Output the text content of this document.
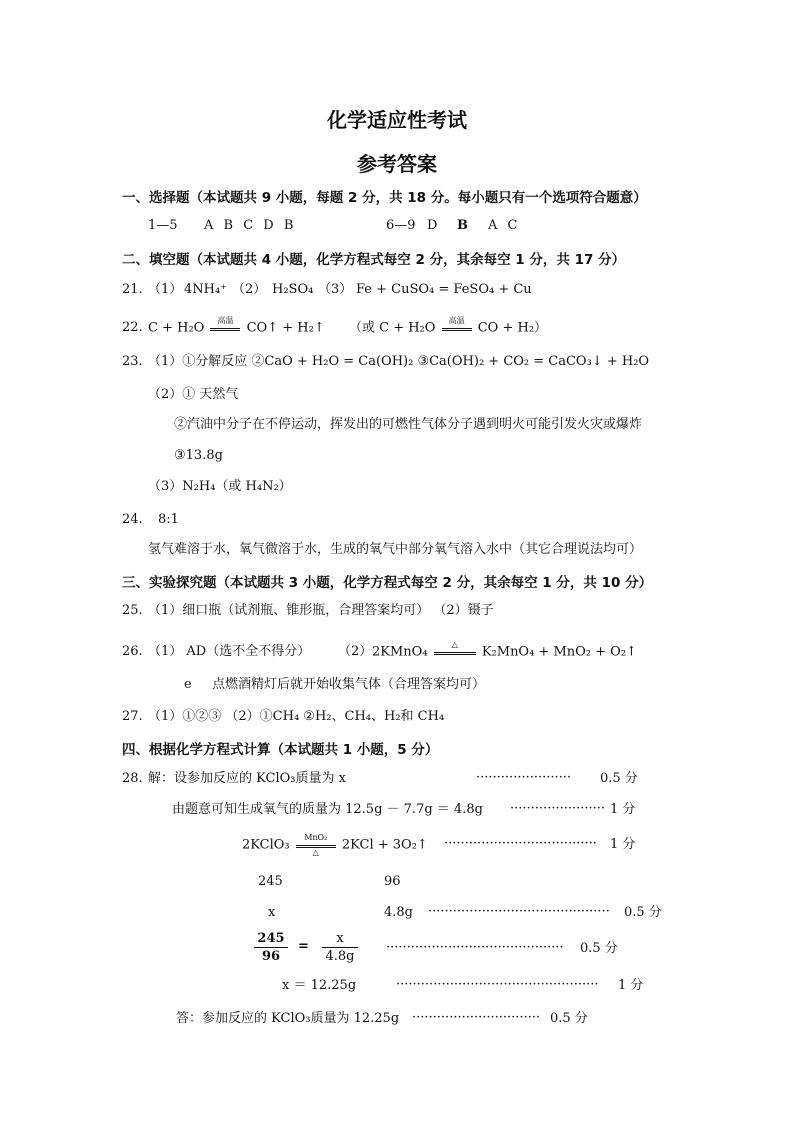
化学适应性考试
参考答案
一、选择题（本试题共 9 小题，每题 2 分，共 18 分。每小题只有一个选项符合题意）
1—5 A B C D B	6—9 D B A C
二、填空题（本试题共 4 小题，化学方程式每空 2 分，其余每空 1 分，共 17 分）
21. （1） 4NH₄⁺ （2） H₂SO₄ （3） Fe + CuSO₄ = FeSO₄ + Cu
22. C + H₂O	高温	CO↑ + H₂↑ （或 C + H₂O	高温	CO + H₂）
23. （1）①分解反应 ②CaO + H₂O = Ca(OH)₂ ③Ca(OH)₂ + CO₂ = CaCO₃↓ + H₂O
（2）① 天然气
②汽油中分子在不停运动，挥发出的可燃性气体分子遇到明火可能引发火灾或爆炸
③13.8g
（3）N₂H₄（或 H₄N₂）
24. 8:1
氢气难溶于水，氧气微溶于水，生成的氧气中部分氧气溶入水中（其它合理说法均可）
三、实验探究题（本试题共 3 小题，化学方程式每空 2 分，其余每空 1 分，共 10 分）
25. （1）细口瓶（试剂瓶、锥形瓶，合理答案均可） （2）镊子
26. （1） AD（选不全不得分） （2） 2KMnO₄	△	K₂MnO₄ + MnO₂ + O₂↑
e 点燃酒精灯后就开始收集气体（合理答案均可）
27. （1）①②③ （2）①CH₄ ②H₂、CH₄、H₂和 CH₄
四、根据化学方程式计算（本试题共 1 小题，5 分）
28. 解：设参加反应的 KClO₃质量为 x	······················· 0.5 分
由题意可知生成氧气的质量为 12.5g － 7.7g ＝ 4.8g ······················· 1 分
2KClO₃	MnO₂
△	2KCl + 3O₂↑ ····································· 1 分
245	96
x	4.8g ············································ 0.5 分
$\frac{245}{96} = \frac{x}{4.8g}$ ··········································· 0.5 分
x ＝ 12.25g	················································· 1 分
答：参加反应的 KClO₃质量为 12.25g ······························· 0.5 分
